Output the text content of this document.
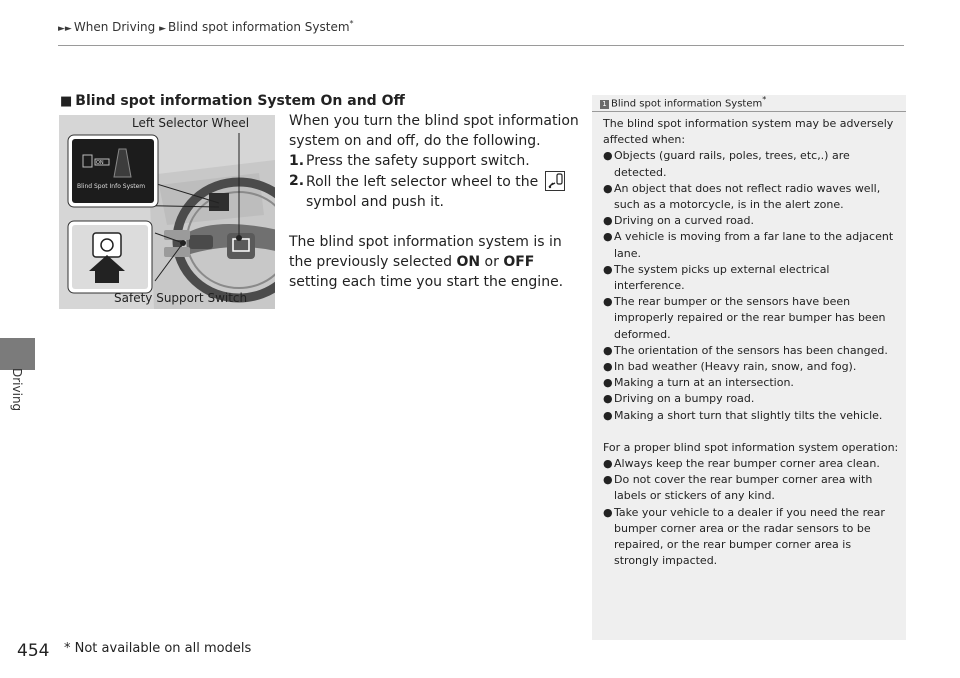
►► When Driving ► Blind spot information System*
Driving
■ Blind spot information System On and Off
Left Selector Wheel
Safety Support Switch
Blind Spot Info System
ON

When you turn the blind spot information system on and off, do the following.

1. Press the safety support switch.
2. Roll the left selector wheel to the

symbol and push it.

The blind spot information system is in the previously selected ON or OFF setting each time you start the engine.

1 Blind spot information System*

The blind spot information system may be adversely affected when:

● Objects (guard rails, poles, trees, etc,.) are detected.
● An object that does not reflect radio waves well, such as a motorcycle, is in the alert zone.
● Driving on a curved road.
● A vehicle is moving from a far lane to the adjacent lane.
● The system picks up external electrical interference.
● The rear bumper or the sensors have been improperly repaired or the rear bumper has been deformed.
● The orientation of the sensors has been changed.
● In bad weather (Heavy rain, snow, and fog).
● Making a turn at an intersection.
● Driving on a bumpy road.
● Making a short turn that slightly tilts the vehicle.

For a proper blind spot information system operation:

● Always keep the rear bumper corner area clean.
● Do not cover the rear bumper corner area with labels or stickers of any kind.
● Take your vehicle to a dealer if you need the rear bumper corner area or the radar sensors to be repaired, or the rear bumper corner area is strongly impacted.
454 * Not available on all models
